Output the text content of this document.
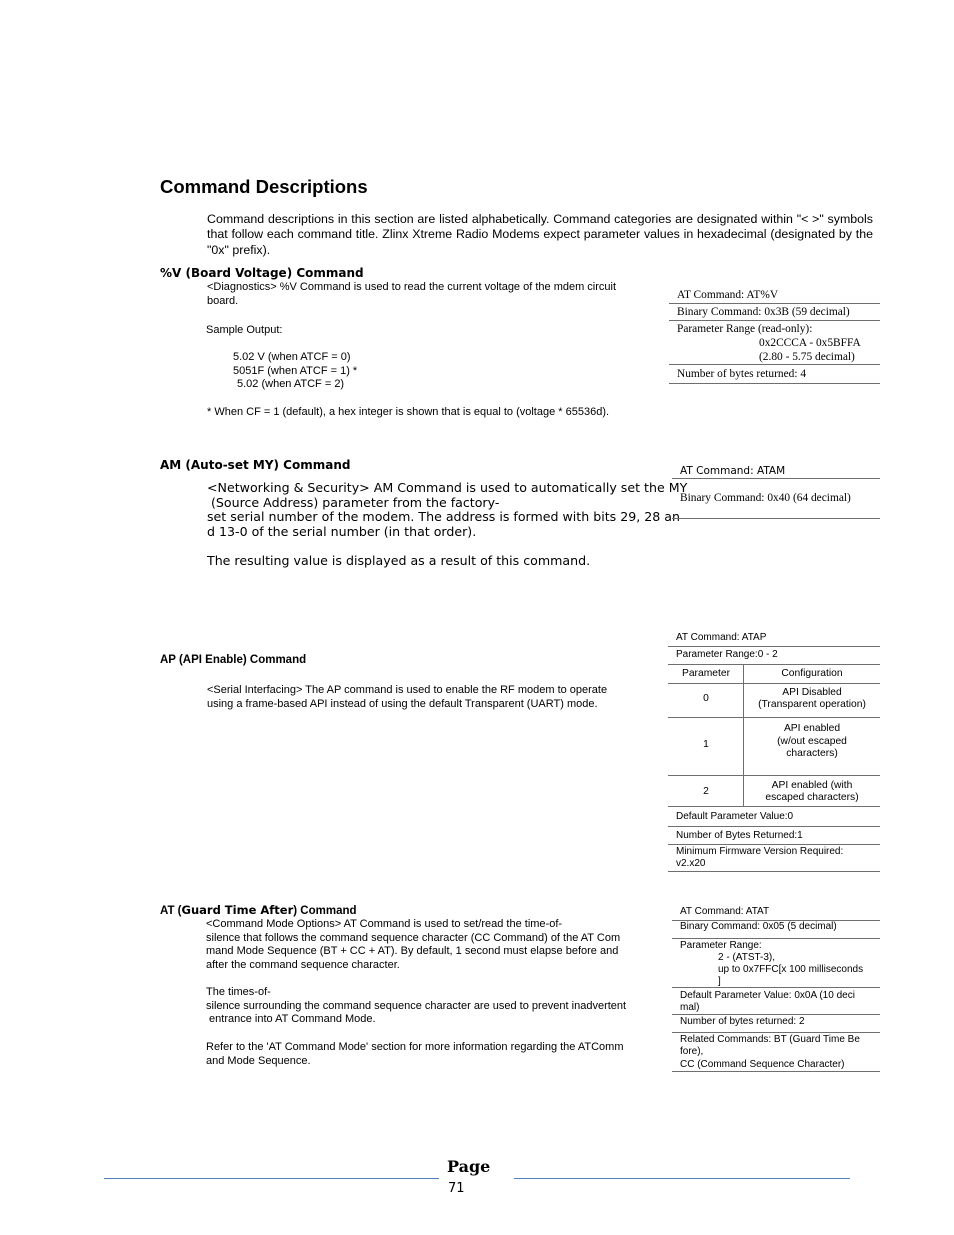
Command Descriptions
Command descriptions in this section are listed alphabetically. Command categories are designated within "< >" symbols that follow each command title. Zlinx Xtreme Radio Modems expect parameter values in hexadecimal (designated by the "0x" prefix).
%V (Board Voltage) Command
<Diagnostics> %V Command is used to read the current voltage of the mdem circuit
board.
Sample Output:
5.02 V (when ATCF = 0)
5051F (when ATCF = 1) *
5.02 (when ATCF = 2)
* When CF = 1 (default), a hex integer is shown that is equal to (voltage * 65536d).
AT Command: AT%V
Binary Command: 0x3B (59 decimal)
Parameter Range (read-only):
0x2CCCA - 0x5BFFA
(2.80 - 5.75 decimal)
Number of bytes returned: 4
AM (Auto-set MY) Command
<Networking & Security> AM Command is used to automatically set the MY
(Source Address) parameter from the factory-
set serial number of the modem. The address is formed with bits 29, 28 an
d 13-0 of the serial number (in that order).
The resulting value is displayed as a result of this command.
AT Command: ATAM
Binary Command: 0x40 (64 decimal)
AP (API Enable) Command
<Serial Interfacing> The AP command is used to enable the RF modem to operate
using a frame-based API instead of using the default Transparent (UART) mode.
AT Command: ATAP
Parameter Range:0 - 2
Parameter	Configuration
0
API Disabled
(Transparent operation)
1
API enabled
(w/out escaped
characters)
2
API enabled (with
escaped characters)
Default Parameter Value:0
Number of Bytes Returned:1
Minimum Firmware Version Required:
v2.x20
AT (Guard Time After) Command
<Command Mode Options> AT Command is used to set/read the time-of-
silence that follows the command sequence character (CC Command) of the AT Com
mand Mode Sequence (BT + CC + AT). By default, 1 second must elapse before and
after the command sequence character.
The times-of-
silence surrounding the command sequence character are used to prevent inadvertent
entrance into AT Command Mode.
Refer to the 'AT Command Mode' section for more information regarding the ATComm
and Mode Sequence.
AT Command: ATAT
Binary Command: 0x05 (5 decimal)
Parameter Range:
2 - (ATST-3),
up to 0x7FFC[x 100 milliseconds
]
Default Parameter Value: 0x0A (10 deci
mal)
Number of bytes returned: 2
Related Commands: BT (Guard Time Be
fore),
CC (Command Sequence Character)
Page
71
